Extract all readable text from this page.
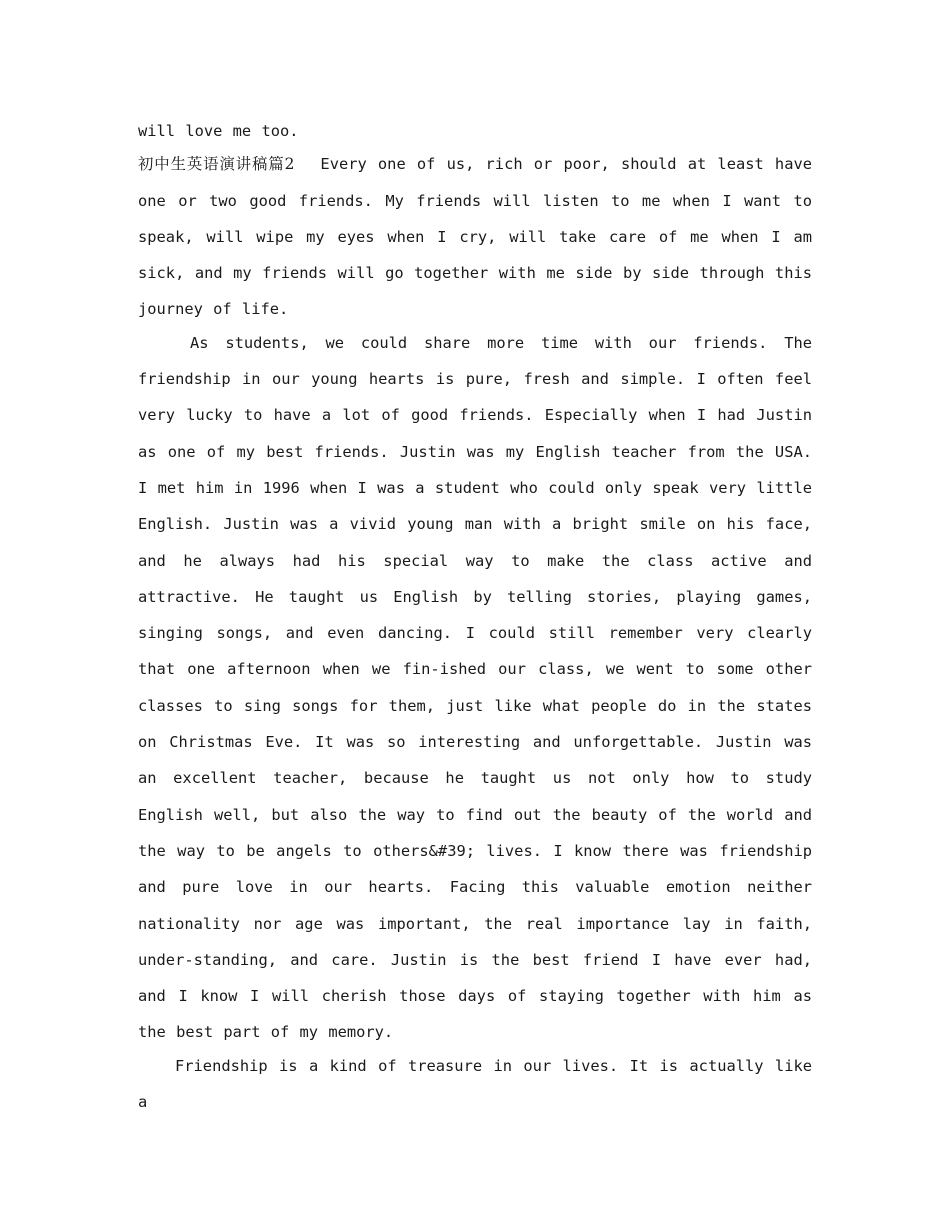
will love me too.

初中生英语演讲稿篇2 Every one of us, rich or poor, should at least have one or two good friends. My friends will listen to me when I want to speak, will wipe my eyes when I cry, will take care of me when I am sick, and my friends will go together with me side by side through this journey of life.

As students, we could share more time with our friends. The friendship in our young hearts is pure, fresh and simple. I often feel very lucky to have a lot of good friends. Especially when I had Justin as one of my best friends. Justin was my English teacher from the USA. I met him in 1996 when I was a student who could only speak very little English. Justin was a vivid young man with a bright smile on his face, and he always had his special way to make the class active and attractive. He taught us English by telling stories, playing games, singing songs, and even dancing. I could still remember very clearly that one afternoon when we fin-ished our class, we went to some other classes to sing songs for them, just like what people do in the states on Christmas Eve. It was so interesting and unforgettable. Justin was an excellent teacher, because he taught us not only how to study English well, but also the way to find out the beauty of the world and the way to be angels to others&#39; lives. I know there was friendship and pure love in our hearts. Facing this valuable emotion neither nationality nor age was important, the real importance lay in faith, under-standing, and care. Justin is the best friend I have ever had, and I know I will cherish those days of staying together with him as the best part of my memory.

Friendship is a kind of treasure in our lives. It is actually like a
